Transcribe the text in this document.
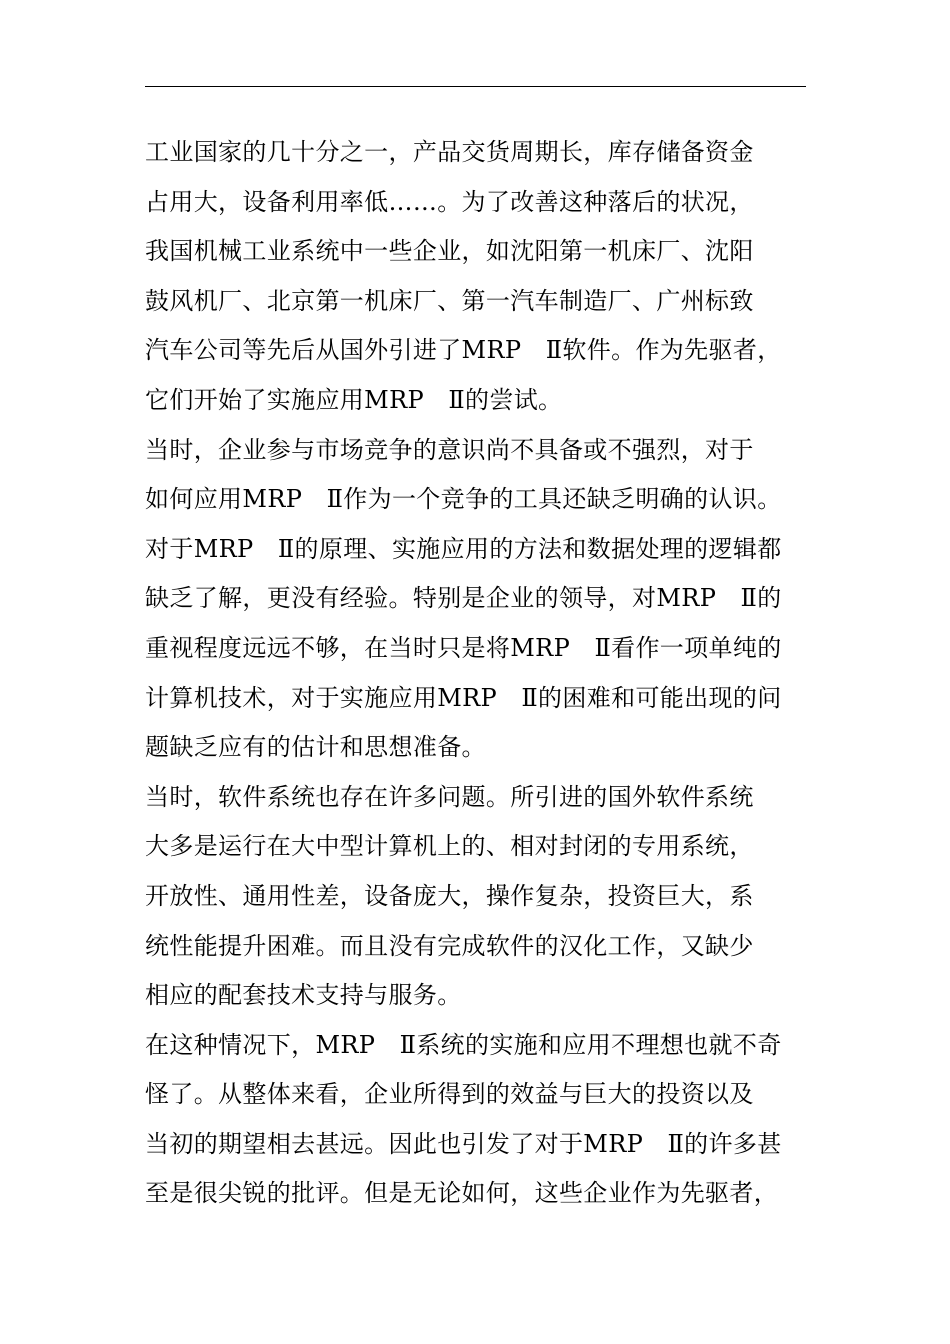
工业国家的几十分之一，产品交货周期长，库存储备资金
占用大，设备利用率低……。为了改善这种落后的状况，
我国机械工业系统中一些企业，如沈阳第一机床厂、沈阳
鼓风机厂、北京第一机床厂、第一汽车制造厂、广州标致
汽车公司等先后从国外引进了MRP　Ⅱ软件。作为先驱者，
它们开始了实施应用MRP　Ⅱ的尝试。
当时，企业参与市场竞争的意识尚不具备或不强烈，对于
如何应用MRP　Ⅱ作为一个竞争的工具还缺乏明确的认识。
对于MRP　Ⅱ的原理、实施应用的方法和数据处理的逻辑都
缺乏了解，更没有经验。特别是企业的领导，对MRP　Ⅱ的
重视程度远远不够，在当时只是将MRP　Ⅱ看作一项单纯的
计算机技术，对于实施应用MRP　Ⅱ的困难和可能出现的问
题缺乏应有的估计和思想准备。
当时，软件系统也存在许多问题。所引进的国外软件系统
大多是运行在大中型计算机上的、相对封闭的专用系统，
开放性、通用性差，设备庞大，操作复杂，投资巨大，系
统性能提升困难。而且没有完成软件的汉化工作，又缺少
相应的配套技术支持与服务。
在这种情况下，MRP　Ⅱ系统的实施和应用不理想也就不奇
怪了。从整体来看，企业所得到的效益与巨大的投资以及
当初的期望相去甚远。因此也引发了对于MRP　Ⅱ的许多甚
至是很尖锐的批评。但是无论如何，这些企业作为先驱者，
